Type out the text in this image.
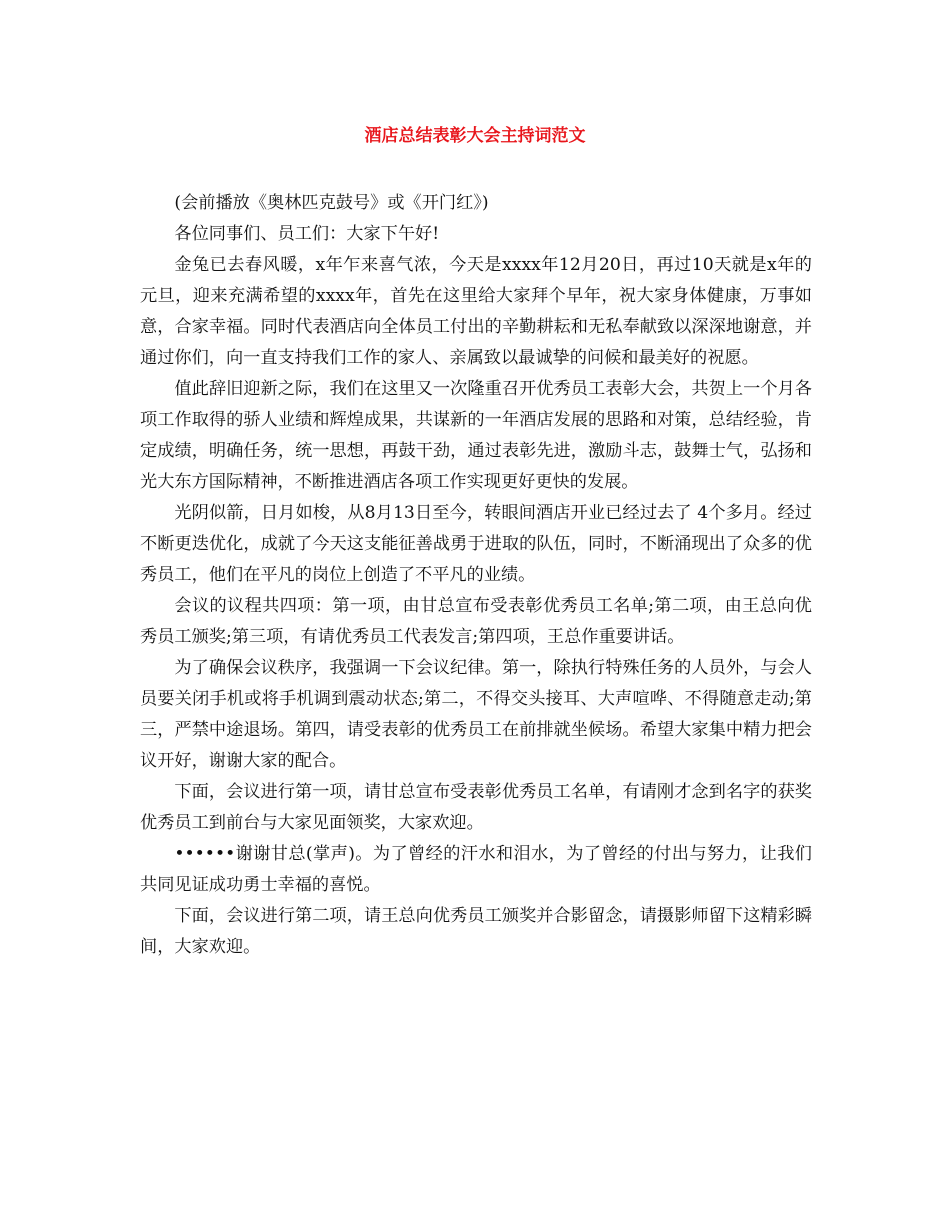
酒店总结表彰大会主持词范文

(会前播放《奥林匹克鼓号》或《开门红》)

各位同事们、员工们：大家下午好!

金兔已去春风暖，x年乍来喜气浓，今天是xxxx年12月20日，再过10天就是x年的元旦，迎来充满希望的xxxx年，首先在这里给大家拜个早年，祝大家身体健康，万事如意，合家幸福。同时代表酒店向全体员工付出的辛勤耕耘和无私奉献致以深深地谢意，并通过你们，向一直支持我们工作的家人、亲属致以最诚挚的问候和最美好的祝愿。

值此辞旧迎新之际，我们在这里又一次隆重召开优秀员工表彰大会，共贺上一个月各项工作取得的骄人业绩和辉煌成果，共谋新的一年酒店发展的思路和对策，总结经验，肯定成绩，明确任务，统一思想，再鼓干劲，通过表彰先进，激励斗志，鼓舞士气，弘扬和光大东方国际精神，不断推进酒店各项工作实现更好更快的发展。

光阴似箭，日月如梭，从8月13日至今，转眼间酒店开业已经过去了 4个多月。经过不断更迭优化，成就了今天这支能征善战勇于进取的队伍，同时，不断涌现出了众多的优秀员工，他们在平凡的岗位上创造了不平凡的业绩。

会议的议程共四项：第一项，由甘总宣布受表彰优秀员工名单;第二项，由王总向优秀员工颁奖;第三项，有请优秀员工代表发言;第四项，王总作重要讲话。

为了确保会议秩序，我强调一下会议纪律。第一，除执行特殊任务的人员外，与会人员要关闭手机或将手机调到震动状态;第二，不得交头接耳、大声喧哗、不得随意走动;第三，严禁中途退场。第四，请受表彰的优秀员工在前排就坐候场。希望大家集中精力把会议开好，谢谢大家的配合。

下面，会议进行第一项，请甘总宣布受表彰优秀员工名单，有请刚才念到名字的获奖优秀员工到前台与大家见面领奖，大家欢迎。

••••••谢谢甘总(掌声)。为了曾经的汗水和泪水，为了曾经的付出与努力，让我们共同见证成功勇士幸福的喜悦。

下面，会议进行第二项，请王总向优秀员工颁奖并合影留念，请摄影师留下这精彩瞬间，大家欢迎。
